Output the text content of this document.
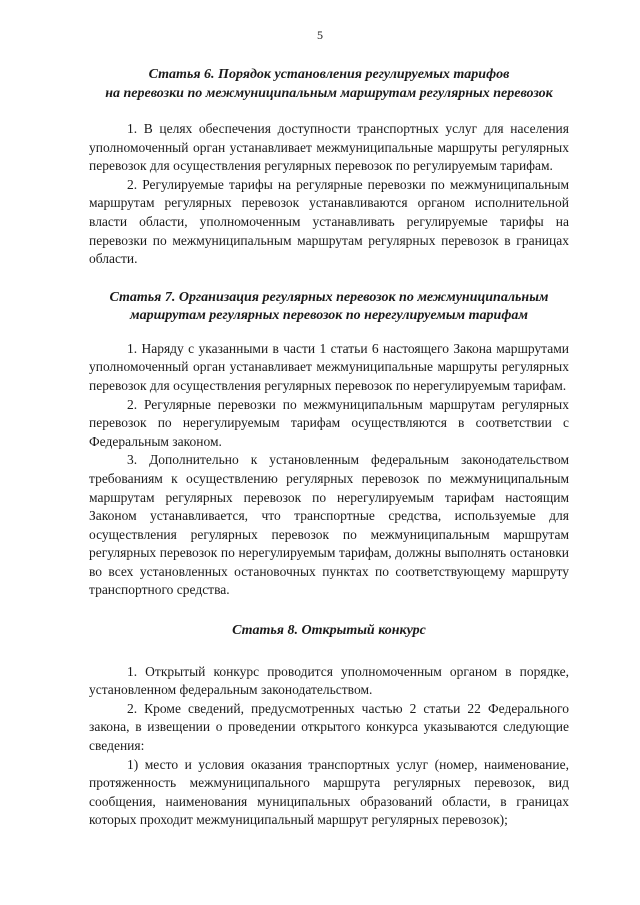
5

Статья 6. Порядок установления регулируемых тарифов
на перевозки по межмуниципальным маршрутам регулярных перевозок

1. В целях обеспечения доступности транспортных услуг для населения уполномоченный орган устанавливает межмуниципальные маршруты регулярных перевозок для осуществления регулярных перевозок по регулируемым тарифам.

2. Регулируемые тарифы на регулярные перевозки по межмуниципальным маршрутам регулярных перевозок устанавливаются органом исполнительной власти области, уполномоченным устанавливать регулируемые тарифы на перевозки по межмуниципальным маршрутам регулярных перевозок в границах области.

Статья 7. Организация регулярных перевозок по межмуниципальным
маршрутам регулярных перевозок по нерегулируемым тарифам

1. Наряду с указанными в части 1 статьи 6 настоящего Закона маршрутами уполномоченный орган устанавливает межмуниципальные маршруты регулярных перевозок для осуществления регулярных перевозок по нерегулируемым тарифам.

2. Регулярные перевозки по межмуниципальным маршрутам регулярных перевозок по нерегулируемым тарифам осуществляются в соответствии с Федеральным законом.

3. Дополнительно к установленным федеральным законодательством требованиям к осуществлению регулярных перевозок по межмуниципальным маршрутам регулярных перевозок по нерегулируемым тарифам настоящим Законом устанавливается, что транспортные средства, используемые для осуществления регулярных перевозок по межмуниципальным маршрутам регулярных перевозок по нерегулируемым тарифам, должны выполнять остановки во всех установленных остановочных пунктах по соответствующему маршруту транспортного средства.

Статья 8. Открытый конкурс

1. Открытый конкурс проводится уполномоченным органом в порядке, установленном федеральным законодательством.

2. Кроме сведений, предусмотренных частью 2 статьи 22 Федерального закона, в извещении о проведении открытого конкурса указываются следующие сведения:

1) место и условия оказания транспортных услуг (номер, наименование, протяженность межмуниципального маршрута регулярных перевозок, вид сообщения, наименования муниципальных образований области, в границах которых проходит межмуниципальный маршрут регулярных перевозок);
